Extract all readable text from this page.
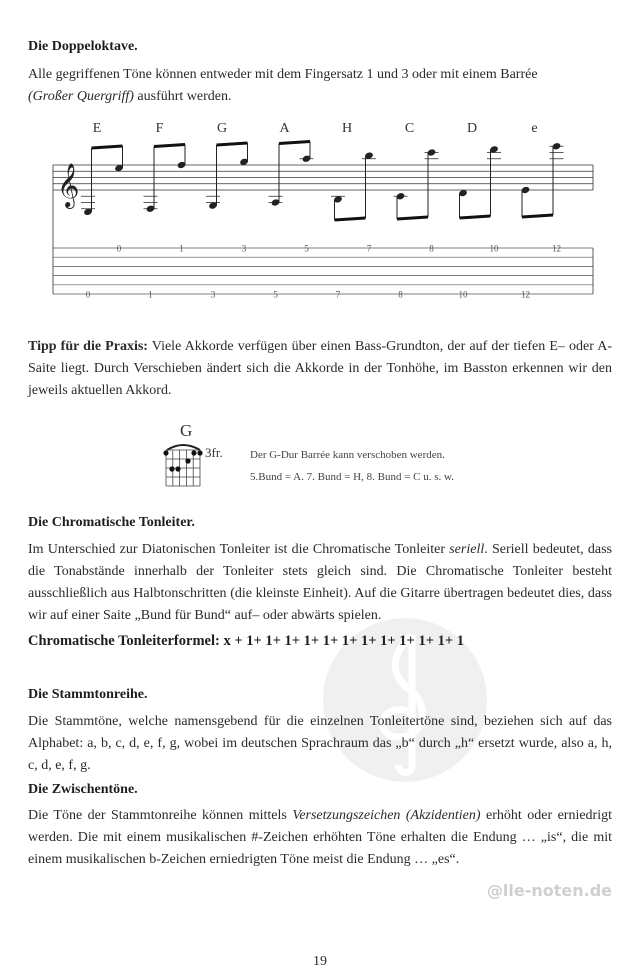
Die Doppeloktave.
Alle gegriffenen Töne können entweder mit dem Fingersatz 1 und 3 oder mit einem Barrée
(Großer Quergriff) ausführt werden.
𝄞
E	F	G	A	H	C	D	e
0	1	3	5	7	8	10	12
0	1	3	5	7	8	10	12
Tipp für die Praxis: Viele Akkorde verfügen über einen Bass-Grundton, der auf der tiefen E– oder A-Saite liegt. Durch Verschieben ändert sich die Akkorde in der Tonhöhe, im Basston erkennen wir den jeweils aktuellen Akkord.
G
3fr. Der G-Dur Barrée kann verschoben werden.
5.Bund = A. 7. Bund = H, 8. Bund = C u. s. w.
Die Chromatische Tonleiter.
Im Unterschied zur Diatonischen Tonleiter ist die Chromatische Tonleiter seriell. Seriell bedeutet, dass die Tonabstände innerhalb der Tonleiter stets gleich sind. Die Chromatische Tonleiter besteht ausschließlich aus Halbtonschritten (die kleinste Einheit). Auf die Gitarre übertragen bedeutet dies, dass wir auf einer Saite „Bund für Bund“ auf– oder abwärts spielen.
Chromatische Tonleiterformel: x + 1+ 1+ 1+ 1+ 1+ 1+ 1+ 1+ 1+ 1+ 1+ 1
Die Stammtonreihe.
Die Stammtöne, welche namensgebend für die einzelnen Tonleitertöne sind, beziehen sich auf das Alphabet: a, b, c, d, e, f, g, wobei im deutschen Sprachraum das „b“ durch „h“ ersetzt wurde, also a, h, c, d, e, f, g.
Die Zwischentöne.
Die Töne der Stammtonreihe können mittels Versetzungszeichen (Akzidentien) erhöht oder erniedrigt werden. Die mit einem musikalischen #-Zeichen erhöhten Töne erhalten die Endung … „is“, die mit einem musikalischen b-Zeichen erniedrigten Töne meist die Endung … „es“.
@lle-noten.de
19
